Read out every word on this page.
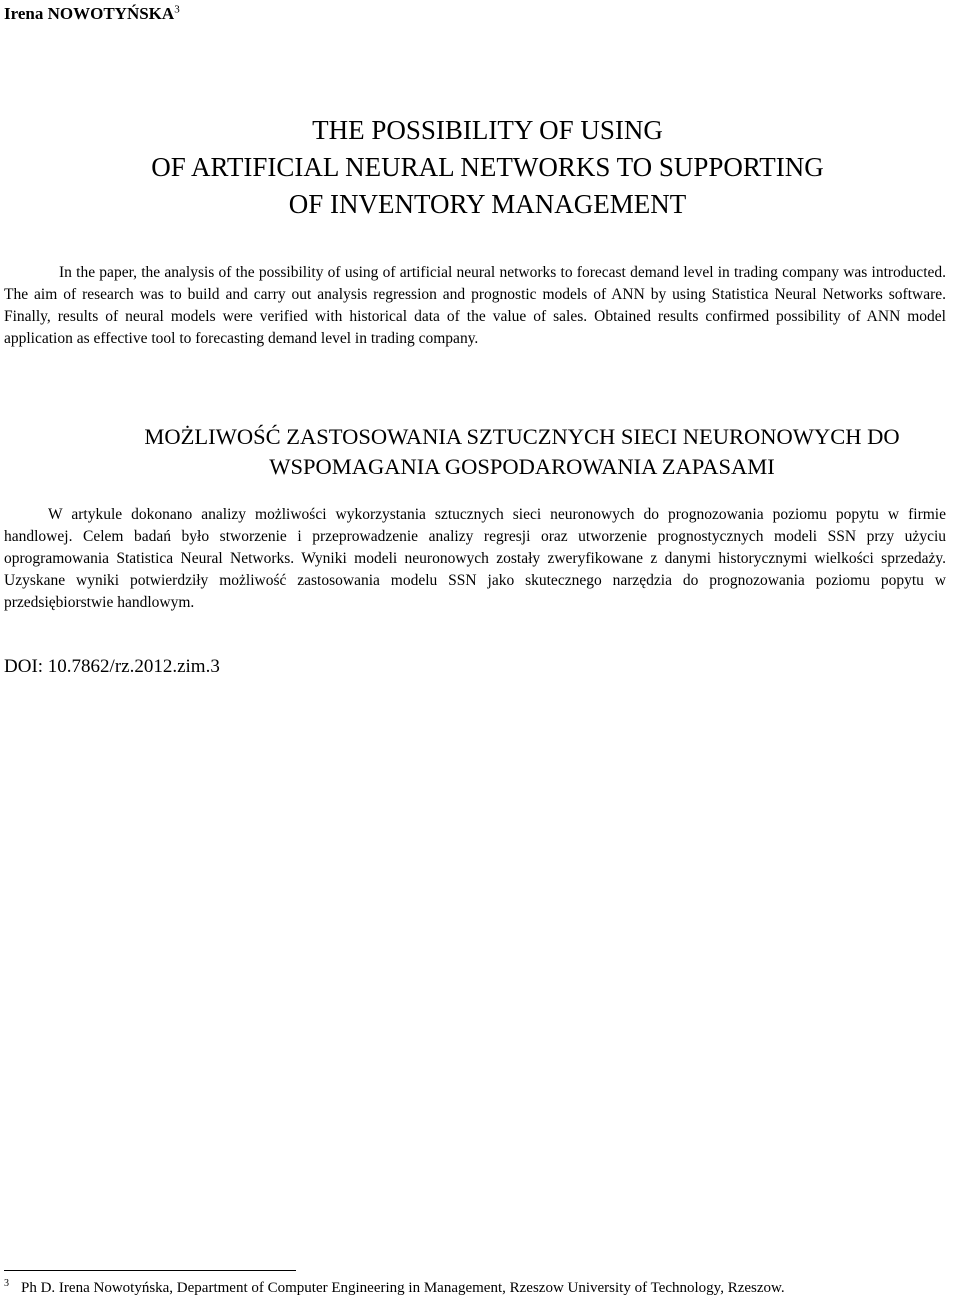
Irena NOWOTYŃSKA$^3$
THE POSSIBILITY OF USING
OF ARTIFICIAL NEURAL NETWORKS TO SUPPORTING
OF INVENTORY MANAGEMENT

In the paper, the analysis of the possibility of using of artificial neural networks to forecast demand level in trading company was introducted. The aim of research was to build and carry out analysis regression and prognostic models of ANN by using Statistica Neural Networks software. Finally, results of neural models were verified with historical data of the value of sales. Obtained results confirmed possibility of ANN model application as effective tool to forecasting demand level in trading company.

MOŻLIWOŚĆ ZASTOSOWANIA SZTUCZNYCH SIECI NEURONOWYCH DO
WSPOMAGANIA GOSPODAROWANIA ZAPASAMI

W artykule dokonano analizy możliwości wykorzystania sztucznych sieci neuronowych do prognozowania poziomu popytu w firmie handlowej. Celem badań było stworzenie i przeprowadzenie analizy regresji oraz utworzenie prognostycznych modeli SSN przy użyciu oprogramowania Statistica Neural Networks. Wyniki modeli neuronowych zostały zweryfikowane z danymi historycznymi wielkości sprzedaży. Uzyskane wyniki potwierdziły możliwość zastosowania modelu SSN jako skutecznego narzędzia do prognozowania poziomu popytu w przedsiębiorstwie handlowym.

DOI: 10.7862/rz.2012.zim.3
$^3$ Ph D. Irena Nowotyńska, Department of Computer Engineering in Management, Rzeszow University of Technology, Rzeszow.
